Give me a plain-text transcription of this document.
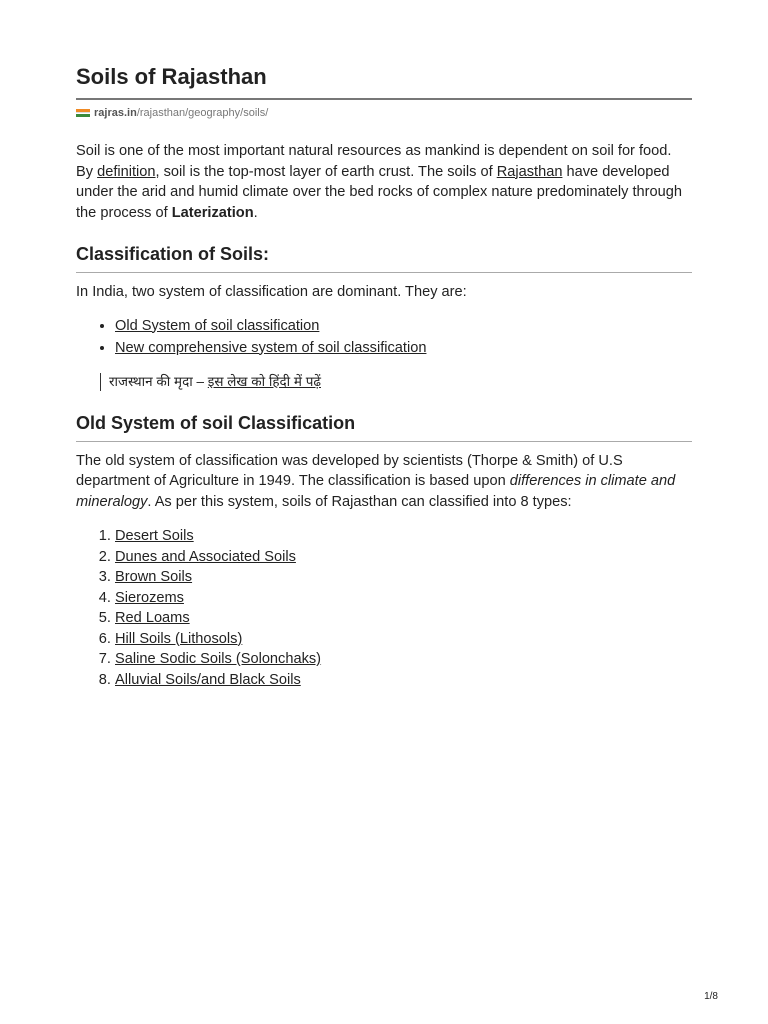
Soils of Rajasthan
rajras.in /rajasthan/geography/soils/

Soil is one of the most important natural resources as mankind is dependent on soil for food. By definition, soil is the top-most layer of earth crust. The soils of Rajasthan have developed under the arid and humid climate over the bed rocks of complex nature predominately through the process of Laterization.

Classification of Soils:

In India, two system of classification are dominant. They are:

• Old System of soil classification
• New comprehensive system of soil classification
राजस्थान की मृदा – इस लेख को हिंदी में पढ़ें
Old System of soil Classification

The old system of classification was developed by scientists (Thorpe & Smith) of U.S department of Agriculture in 1949. The classification is based upon differences in climate and mineralogy. As per this system, soils of Rajasthan can classified into 8 types:

1. Desert Soils
2. Dunes and Associated Soils
3. Brown Soils
4. Sierozems
5. Red Loams
6. Hill Soils (Lithosols)
7. Saline Sodic Soils (Solonchaks)
8. Alluvial Soils/and Black Soils
1/8
